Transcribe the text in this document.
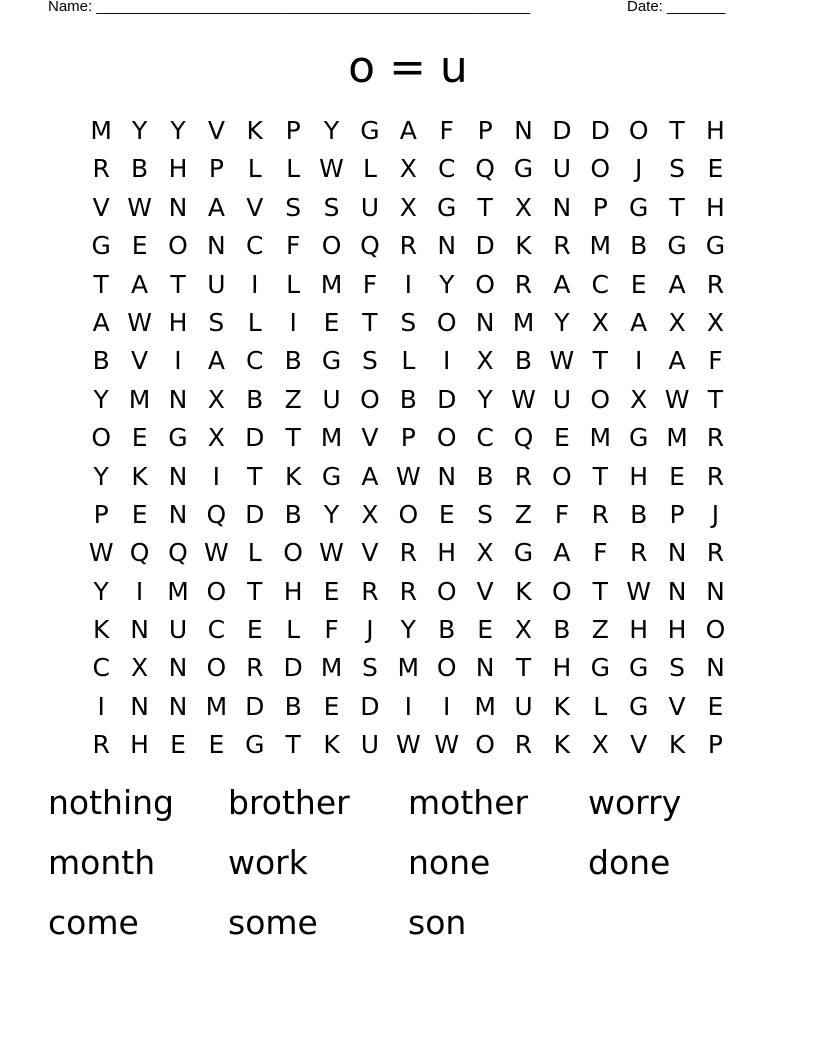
Name: ____________________________________________________	Date: _______
o = u
M Y Y V K P Y G A F P N D D O T H
R B H P L L W L X C Q G U O J	S E
V W N A V S S U X G T X N P G T H
G E O N C F O Q R N D K R M B G G
T A T U	I	L M F	I	Y O R A C E A R
A W H S L	I	E T S O N M Y X A X X
B V	I	A C B G S L	I	X B W T	I	A F
Y M N X B Z U O B D Y W U O X W T
O E G X D T M V P O C Q E M G M R
Y K N	I	T K G A W N B R O T H E R
P E N Q D B Y X O E S Z F R B P	J
W Q Q W L O W V R H X G A F R N R
Y	I M O T H E R R O V K O T W N N
K N U C E L F	J	Y B E X B Z H H O
C X N O R D M S M O N T H G G S N
I	N N M D B E D	I	I M U K L G V E
R H E E G T K U W W O R K X V K P
nothing	brother	mother	worry
month	work	none	done
come	some	son
